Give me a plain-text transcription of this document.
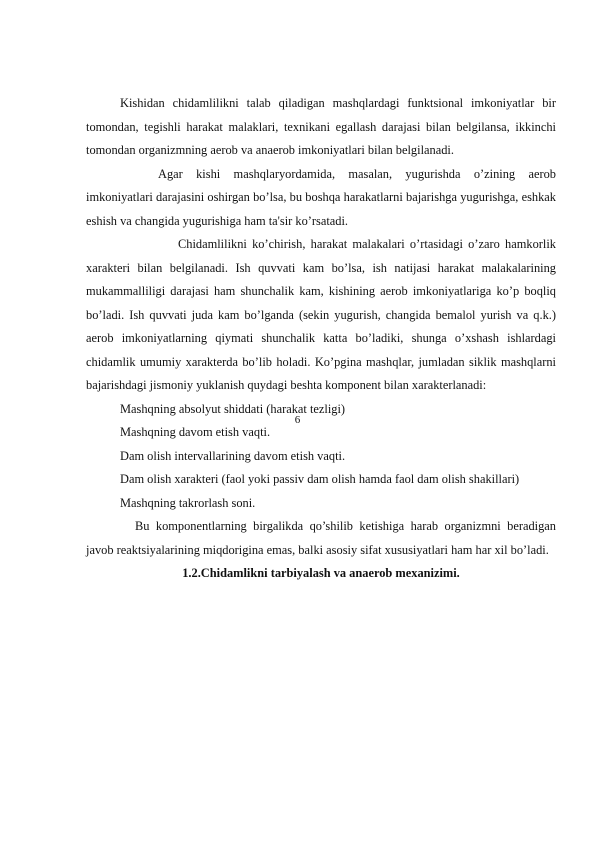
Kishidan chidamlilikni talab qiladigan mashqlardagi funktsional imkoniyatlar bir tomondan, tegishli harakat malaklari, texnikani egallash darajasi bilan belgilansa, ikkinchi tomondan organizmning aerob va anaerob imkoniyatlari bilan belgilanadi.

Agar kishi mashqlaryordamida, masalan, yugurishda o’zining aerob imkoniyatlari darajasini oshirgan bo’lsa, bu boshqa harakatlarni bajarishga yugurishga, eshkak eshish va changida yugurishiga ham ta'sir ko’rsatadi.

Chidamlilikni ko’chirish, harakat malakalari o’rtasidagi o’zaro hamkorlik xarakteri bilan belgilanadi. Ish quvvati kam bo’lsa, ish natijasi harakat malakalarining mukammalliligi darajasi ham shunchalik kam, kishining aerob imkoniyatlariga ko’p boqliq bo’ladi. Ish quvvati juda kam bo’lganda (sekin yugurish, changida bemalol yurish va q.k.) aerob imkoniyatlarning qiymati shunchalik katta bo’ladiki, shunga o’xshash ishlardagi chidamlik umumiy xarakterda bo’lib holadi. Ko’pgina mashqlar, jumladan siklik mashqlarni bajarishdagi jismoniy yuklanish quydagi beshta komponent bilan xarakterlanadi:

Mashqning absolyut shiddati (harakat tezligi)

Mashqning davom etish vaqti.

Dam olish intervallarining davom etish vaqti.

Dam olish xarakteri (faol yoki passiv dam olish hamda faol dam olish shakillari)

Mashqning takrorlash soni.

Bu komponentlarning birgalikda qo’shilib ketishiga harab organizmni beradigan javob reaktsiyalarining miqdorigina emas, balki asosiy sifat xususiyatlari ham har xil bo’ladi.

1.2.Chidamlikni tarbiyalash va anaerob mexanizimi.

6
